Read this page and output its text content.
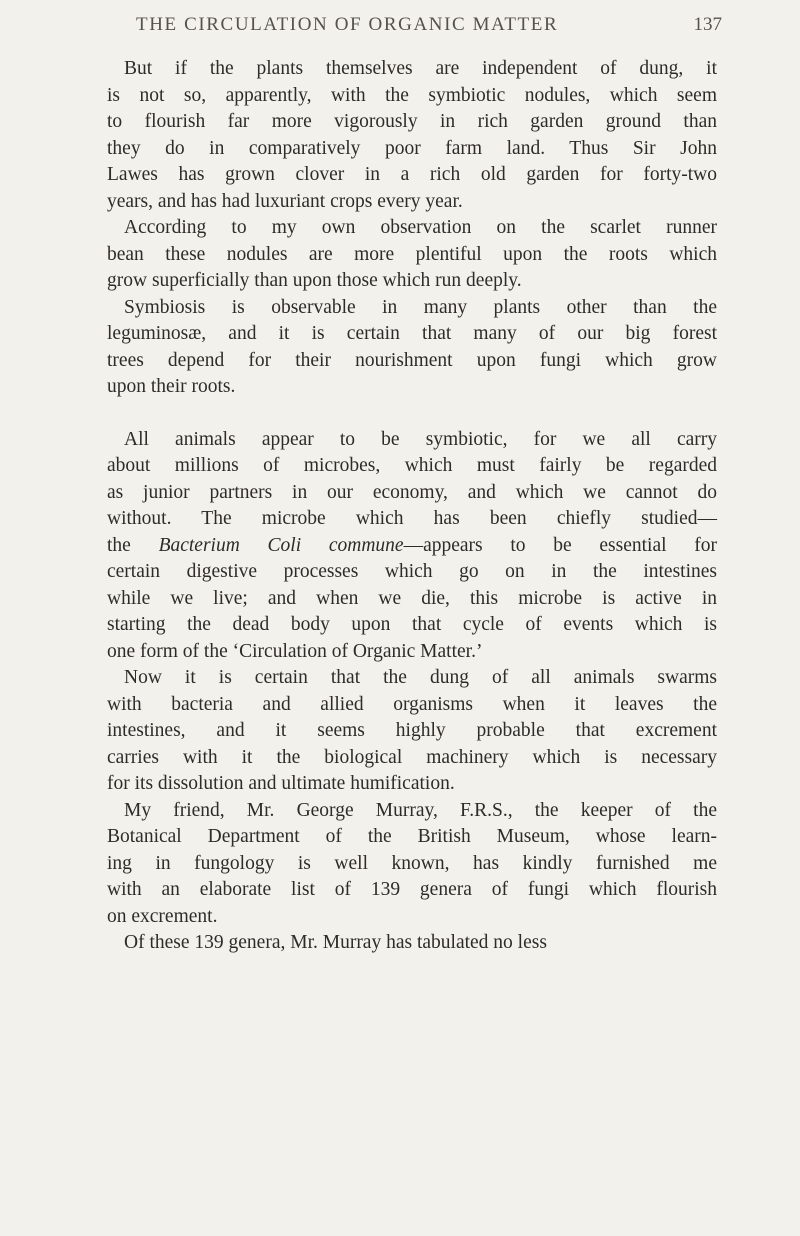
THE CIRCULATION OF ORGANIC MATTER	137
But if the plants themselves are independent of dung, it
is not so, apparently, with the symbiotic nodules, which seem
to flourish far more vigorously in rich garden ground than
they do in comparatively poor farm land. Thus Sir John
Lawes has grown clover in a rich old garden for forty-two
years, and has had luxuriant crops every year.
According to my own observation on the scarlet runner
bean these nodules are more plentiful upon the roots which
grow superficially than upon those which run deeply.
Symbiosis is observable in many plants other than the
leguminosæ, and it is certain that many of our big forest
trees depend for their nourishment upon fungi which grow
upon their roots.
All animals appear to be symbiotic, for we all carry
about millions of microbes, which must fairly be regarded
as junior partners in our economy, and which we cannot do
without. The microbe which has been chiefly studied—
the Bacterium Coli commune—appears to be essential for
certain digestive processes which go on in the intestines
while we live; and when we die, this microbe is active in
starting the dead body upon that cycle of events which is
one form of the ‘Circulation of Organic Matter.’
Now it is certain that the dung of all animals swarms
with bacteria and allied organisms when it leaves the
intestines, and it seems highly probable that excrement
carries with it the biological machinery which is necessary
for its dissolution and ultimate humification.
My friend, Mr. George Murray, F.R.S., the keeper of the
Botanical Department of the British Museum, whose learn-
ing in fungology is well known, has kindly furnished me
with an elaborate list of 139 genera of fungi which flourish
on excrement.
Of these 139 genera, Mr. Murray has tabulated no less
